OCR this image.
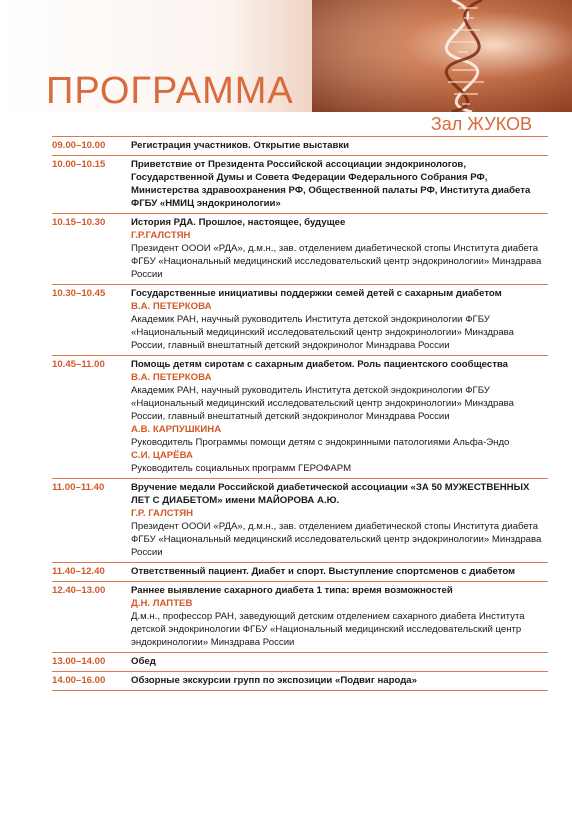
ПРОГРАММА
Зал ЖУКОВ
09.00–10.00	Регистрация участников. Открытие выставки
10.00–10.15	Приветствие от Президента Российской ассоциации эндокринологов, Государственной Думы и Совета Федерации Федерального Собрания РФ, Министерства здравоохранения РФ, Общественной палаты РФ, Института диабета ФГБУ «НМИЦ эндокринологии»
10.15–10.30	История РДА. Прошлое, настоящее, будущее
Г.Р.ГАЛСТЯН
Президент ОООИ «РДА», д.м.н., зав. отделением диабетической стопы Института диабета ФГБУ «Национальный медицинский исследовательский центр эндокринологии» Минздрава России
10.30–10.45	Государственные инициативы поддержки семей детей с сахарным диабетом
В.А. ПЕТЕРКОВА
Академик РАН, научный руководитель Института детской эндокринологии ФГБУ «Национальный медицинский исследовательский центр эндокринологии» Минздрава России, главный внештатный детский эндокринолог Минздрава России
10.45–11.00	Помощь детям сиротам с сахарным диабетом. Роль пациентского сообщества
В.А. ПЕТЕРКОВА
Академик РАН, научный руководитель Института детской эндокринологии ФГБУ «Национальный медицинский исследовательский центр эндокринологии» Минздрава России, главный внештатный детский эндокринолог Минздрава России
А.В. КАРПУШКИНА
Руководитель Программы помощи детям с эндокринными патологиями Альфа-Эндо
С.И. ЦАРЁВА
Руководитель социальных программ ГЕРОФАРМ
11.00–11.40	Вручение медали Российской диабетической ассоциации «ЗА 50 МУЖЕСТВЕННЫХ ЛЕТ С ДИАБЕТОМ» имени МАЙОРОВА А.Ю.
Г.Р. ГАЛСТЯН
Президент ОООИ «РДА», д.м.н., зав. отделением диабетической стопы Института диабета ФГБУ «Национальный медицинский исследовательский центр эндокринологии» Минздрава России
11.40–12.40	Ответственный пациент. Диабет и спорт. Выступление спортсменов с диабетом
12.40–13.00	Раннее выявление сахарного диабета 1 типа: время возможностей
Д.Н. ЛАПТЕВ
Д.м.н., профессор РАН, заведующий детским отделением сахарного диабета Института детской эндокринологии ФГБУ «Национальный медицинский исследовательский центр эндокринологии» Минздрава России
13.00–14.00	Обед
14.00–16.00	Обзорные экскурсии групп по экспозиции «Подвиг народа»
